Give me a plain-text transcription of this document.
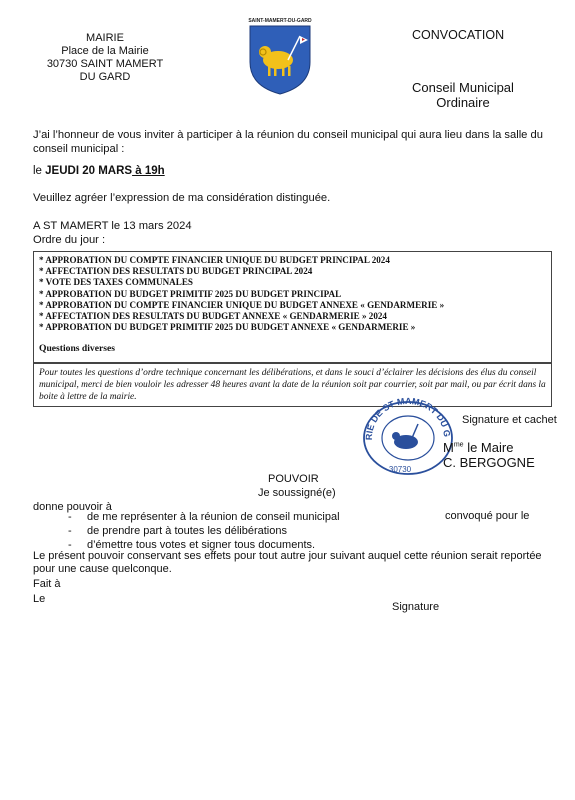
MAIRIE
Place de la Mairie
30730 SAINT MAMERT
DU GARD
SAINT-MAMERT-DU-GARD
CONVOCATION
Conseil Municipal
Ordinaire
J’ai l’honneur de vous inviter à participer à la réunion du conseil municipal qui aura lieu dans la salle du conseil municipal :
le JEUDI 20 MARS à 19h
Veuillez agréer l’expression de ma considération distinguée.
A ST MAMERT le 13 mars 2024
Ordre du jour :
* APPROBATION DU COMPTE FINANCIER UNIQUE DU BUDGET PRINCIPAL 2024
* AFFECTATION DES RESULTATS DU BUDGET PRINCIPAL 2024
* VOTE DES TAXES COMMUNALES
* APPROBATION DU BUDGET PRIMITIF 2025 DU BUDGET PRINCIPAL
* APPROBATION DU COMPTE FINANCIER UNIQUE DU BUDGET ANNEXE « GENDARMERIE »
* AFFECTATION DES RESULTATS DU BUDGET ANNEXE « GENDARMERIE » 2024
* APPROBATION DU BUDGET PRIMITIF 2025 DU BUDGET ANNEXE « GENDARMERIE »
Questions diverses
Pour toutes les questions d’ordre technique concernant les délibérations, et dans le souci d’éclairer les décisions des élus du conseil municipal, merci de bien vouloir les adresser 48 heures avant la date de la réunion soit par courrier, soit par mail, ou par écrit dans la boite à lettre de la mairie.
RIE DE ST MAMERT DU G
30730
Signature et cachet
$M^{me}$ le Maire
C. BERGOGNE
POUVOIR
Je soussigné(e)
donne pouvoir à
- de me représenter à la réunion de conseil municipal
- de prendre part à toutes les délibérations
- d’émettre tous votes et signer tous documents.
convoqué pour le
Le présent pouvoir conservant ses effets pour tout autre jour suivant auquel cette réunion serait reportée pour une cause quelconque.
Fait à
Le
Signature
